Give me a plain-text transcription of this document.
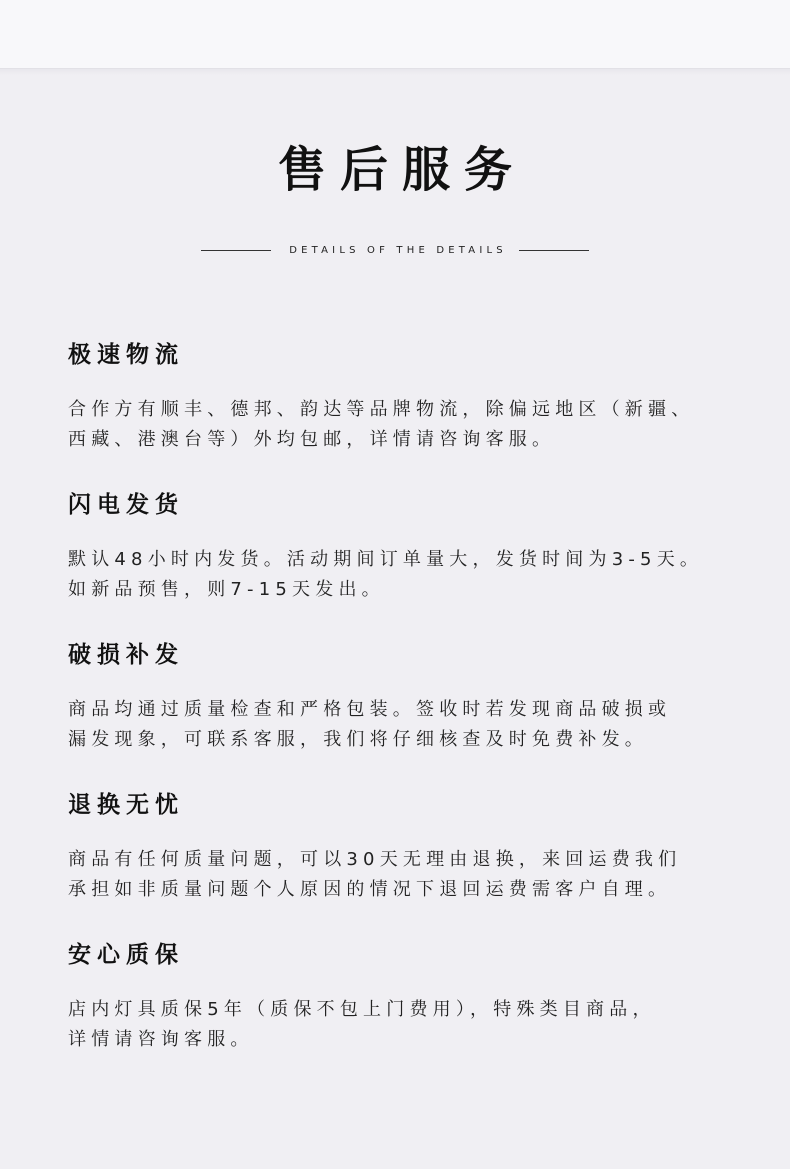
售后服务
DETAILS OF THE DETAILS
极速物流

合作方有顺丰、德邦、韵达等品牌物流，除偏远地区（新疆、
西藏、港澳台等）外均包邮，详情请咨询客服。

闪电发货

默认48小时内发货。活动期间订单量大，发货时间为3-5天。
如新品预售，则7-15天发出。

破损补发

商品均通过质量检查和严格包装。签收时若发现商品破损或
漏发现象，可联系客服，我们将仔细核查及时免费补发。

退换无忧

商品有任何质量问题，可以30天无理由退换，来回运费我们
承担如非质量问题个人原因的情况下退回运费需客户自理。

安心质保

店内灯具质保5年（质保不包上门费用），特殊类目商品，
详情请咨询客服。
